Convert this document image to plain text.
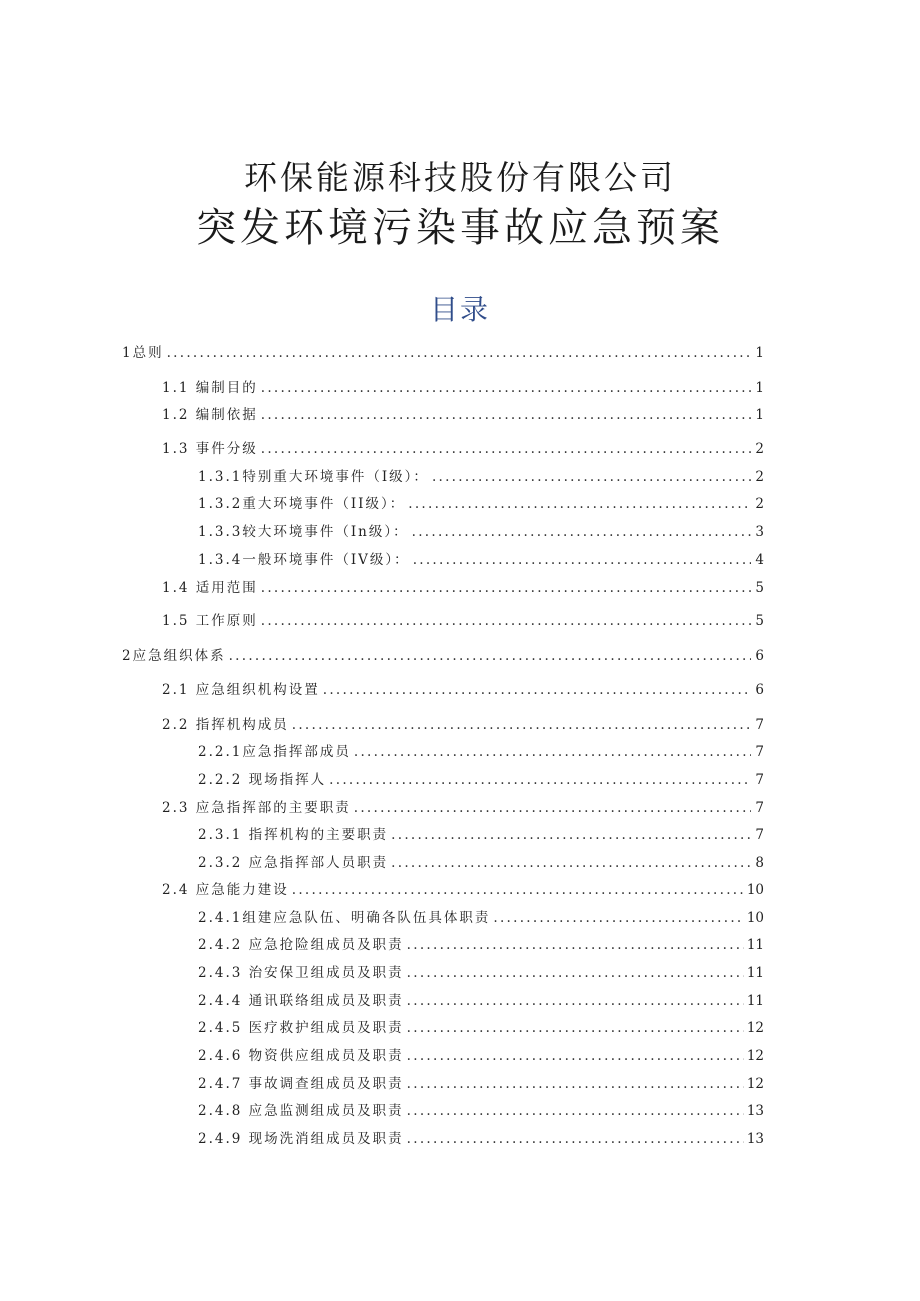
环保能源科技股份有限公司
突发环境污染事故应急预案
目录
1总则 . . .	1
1.1 编制目的 . . .	1
1.2 编制依据 . . .	1
1.3 事件分级 . . .	2
1.3.1特别重大环境事件（I级）： . . .	2
1.3.2重大环境事件（II级）： . . .	2
1.3.3较大环境事件（In级）： . . .	3
1.3.4一般环境事件（IV级）： . . .	4
1.4 适用范围 . . .	5
1.5 工作原则 . . .	5
2应急组织体系 . . .	6
2.1 应急组织机构设置 . . .	6
2.2 指挥机构成员 . . .	7
2.2.1应急指挥部成员 . . .	7
2.2.2 现场指挥人 . . .	7
2.3 应急指挥部的主要职责 . . .	7
2.3.1 指挥机构的主要职责 . . .	7
2.3.2 应急指挥部人员职责 . . .	8
2.4 应急能力建设 . . .	10
2.4.1组建应急队伍、明确各队伍具体职责 . . .	10
2.4.2 应急抢险组成员及职责 . . .	11
2.4.3 治安保卫组成员及职责 . . .	11
2.4.4 通讯联络组成员及职责 . . .	11
2.4.5 医疗救护组成员及职责 . . .	12
2.4.6 物资供应组成员及职责 . . .	12
2.4.7 事故调查组成员及职责 . . .	12
2.4.8 应急监测组成员及职责 . . .	13
2.4.9 现场洗消组成员及职责 . . .	13
